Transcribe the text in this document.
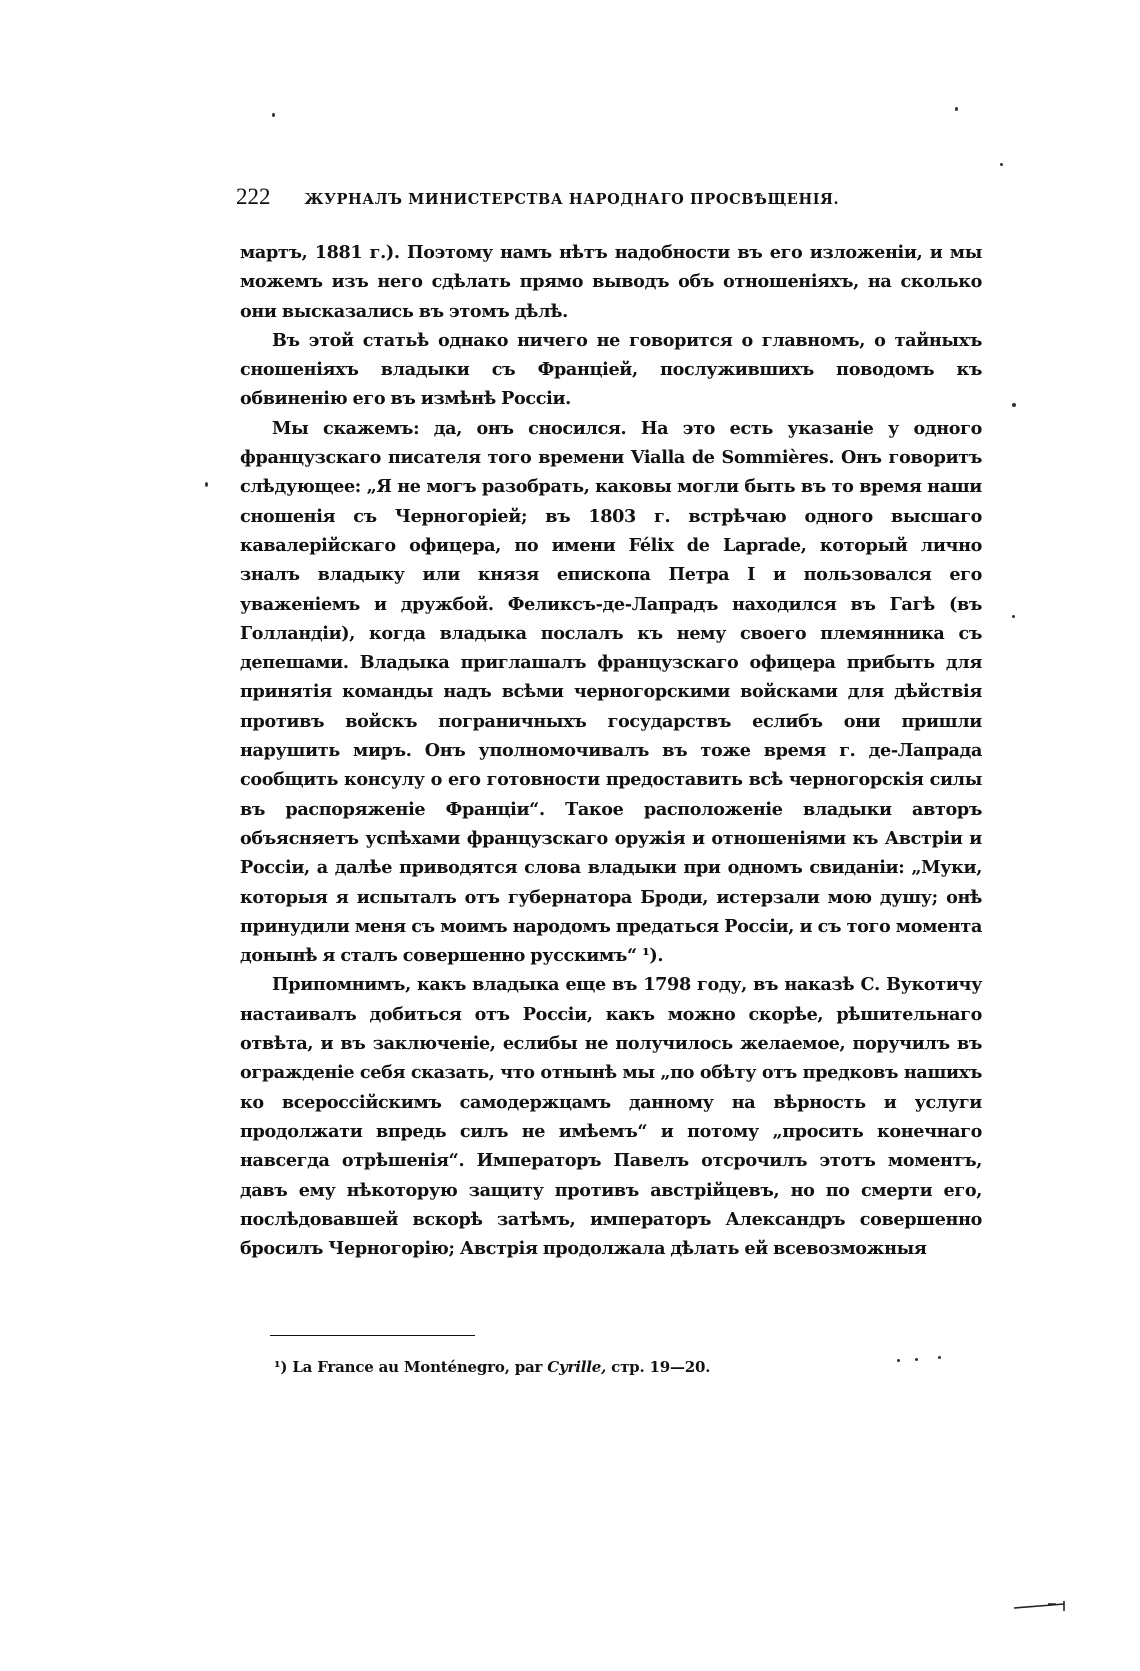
222 ЖУРНАЛЪ МИНИСТЕРСТВА НАРОДНАГО ПРОСВѢЩЕНІЯ.

мартъ, 1881 г.). Поэтому намъ нѣтъ надобности въ его изложеніи, и мы можемъ изъ него сдѣлать прямо выводъ объ отношеніяхъ, на сколько они высказались въ этомъ дѣлѣ.

Въ этой статьѣ однако ничего не говорится о главномъ, о тайныхъ сношеніяхъ владыки съ Франціей, послужившихъ поводомъ къ обвиненію его въ измѣнѣ Россіи.

Мы скажемъ: да, онъ сносился. На это есть указаніе у одного французскаго писателя того времени Vialla de Sommières. Онъ говоритъ слѣдующее: „Я не могъ разобрать, каковы могли быть въ то время наши сношенія съ Черногоріей; въ 1803 г. встрѣчаю одного высшаго кавалерійскаго офицера, по имени Félix de Laprade, который лично зналъ владыку или князя епископа Петра I и пользовался его уваженіемъ и дружбой. Феликсъ-де-Лапрадъ находился въ Гагѣ (въ Голландіи), когда владыка послалъ къ нему своего племянника съ депешами. Владыка приглашалъ французскаго офицера прибыть для принятія команды надъ всѣми черногорскими войсками для дѣйствія противъ войскъ пограничныхъ государствъ еслибъ они пришли нарушить миръ. Онъ уполномочивалъ въ тоже время г. де-Лапрада сообщить консулу о его готовности предоставить всѣ черногорскія силы въ распоряженіе Франціи“. Такое расположеніе владыки авторъ объясняетъ успѣхами французскаго оружія и отношеніями къ Австріи и Россіи, а далѣе приводятся слова владыки при одномъ свиданіи: „Муки, которыя я испыталъ отъ губернатора Броди, истерзали мою душу; онѣ принудили меня съ моимъ народомъ предаться Россіи, и съ того момента донынѣ я сталъ совершенно русскимъ“ ¹).

Припомнимъ, какъ владыка еще въ 1798 году, въ наказѣ С. Вукотичу настаивалъ добиться отъ Россіи, какъ можно скорѣе, рѣшительнаго отвѣта, и въ заключеніе, еслибы не получилось желаемое, поручилъ въ огражденіе себя сказать, что отнынѣ мы „по обѣту отъ предковъ нашихъ ко всероссійскимъ самодержцамъ данному на вѣрность и услуги продолжати впредь силъ не имѣемъ“ и потому „просить конечнаго навсегда отрѣшенія“. Императоръ Павелъ отсрочилъ этотъ моментъ, давъ ему нѣкоторую защиту противъ австрійцевъ, но по смерти его, послѣдовавшей вскорѣ затѣмъ, императоръ Александръ совершенно бросилъ Черногорію; Австрія продолжала дѣлать ей всевозможныя

¹) La France au Monténegro, par Cyrille, стр. 19—20.
